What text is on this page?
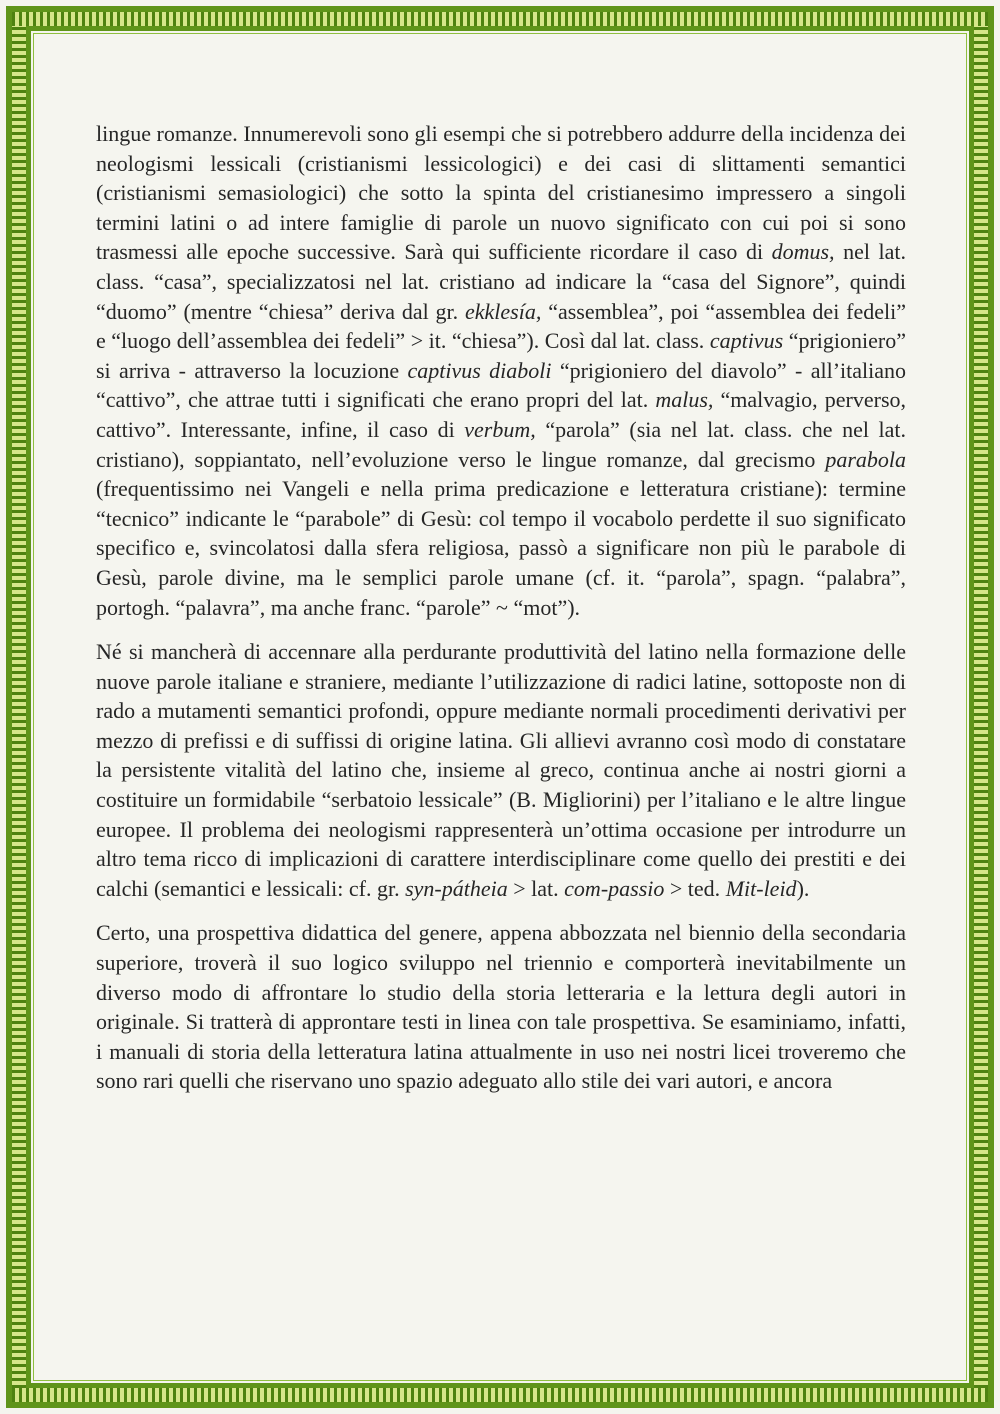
lingue romanze. Innumerevoli sono gli esempi che si potrebbero addurre della incidenza dei neologismi lessicali (cristianismi lessicologici) e dei casi di slittamenti semantici (cristianismi semasiologici) che sotto la spinta del cristianesimo impressero a singoli termini latini o ad intere famiglie di parole un nuovo significato con cui poi si sono trasmessi alle epoche successive. Sarà qui sufficiente ricordare il caso di domus, nel lat. class. “casa”, specializzatosi nel lat. cristiano ad indicare la “casa del Signore”, quindi “duomo” (mentre “chiesa” deriva dal gr. ekklesía, “assemblea”, poi “assemblea dei fedeli” e “luogo dell’assemblea dei fedeli” > it. “chiesa”). Così dal lat. class. captivus “prigioniero” si arriva - attraverso la locuzione captivus diaboli “prigioniero del diavolo” - all’italiano “cattivo”, che attrae tutti i significati che erano propri del lat. malus, “malvagio, perverso, cattivo”. Interessante, infine, il caso di verbum, “parola” (sia nel lat. class. che nel lat. cristiano), soppiantato, nell’evoluzione verso le lingue romanze, dal grecismo parabola (frequentissimo nei Vangeli e nella prima predicazione e letteratura cristiane): termine “tecnico” indicante le “parabole” di Gesù: col tempo il vocabolo perdette il suo significato specifico e, svincolatosi dalla sfera religiosa, passò a significare non più le parabole di Gesù, parole divine, ma le semplici parole umane (cf. it. “parola”, spagn. “palabra”, portogh. “palavra”, ma anche franc. “parole” ~ “mot”).

Né si mancherà di accennare alla perdurante produttività del latino nella formazione delle nuove parole italiane e straniere, mediante l’utilizzazione di radici latine, sottoposte non di rado a mutamenti semantici profondi, oppure mediante normali procedimenti derivativi per mezzo di prefissi e di suffissi di origine latina. Gli allievi avranno così modo di constatare la persistente vitalità del latino che, insieme al greco, continua anche ai nostri giorni a costituire un formidabile “serbatoio lessicale” (B. Migliorini) per l’italiano e le altre lingue europee. Il problema dei neologismi rappresenterà un’ottima occasione per introdurre un altro tema ricco di implicazioni di carattere interdisciplinare come quello dei prestiti e dei calchi (semantici e lessicali: cf. gr. syn-pátheia > lat. com-passio > ted. Mit-leid).

Certo, una prospettiva didattica del genere, appena abbozzata nel biennio della secondaria superiore, troverà il suo logico sviluppo nel triennio e comporterà inevitabilmente un diverso modo di affrontare lo studio della storia letteraria e la lettura degli autori in originale. Si tratterà di approntare testi in linea con tale prospettiva. Se esaminiamo, infatti, i manuali di storia della letteratura latina attualmente in uso nei nostri licei troveremo che sono rari quelli che riservano uno spazio adeguato allo stile dei vari autori, e ancora
